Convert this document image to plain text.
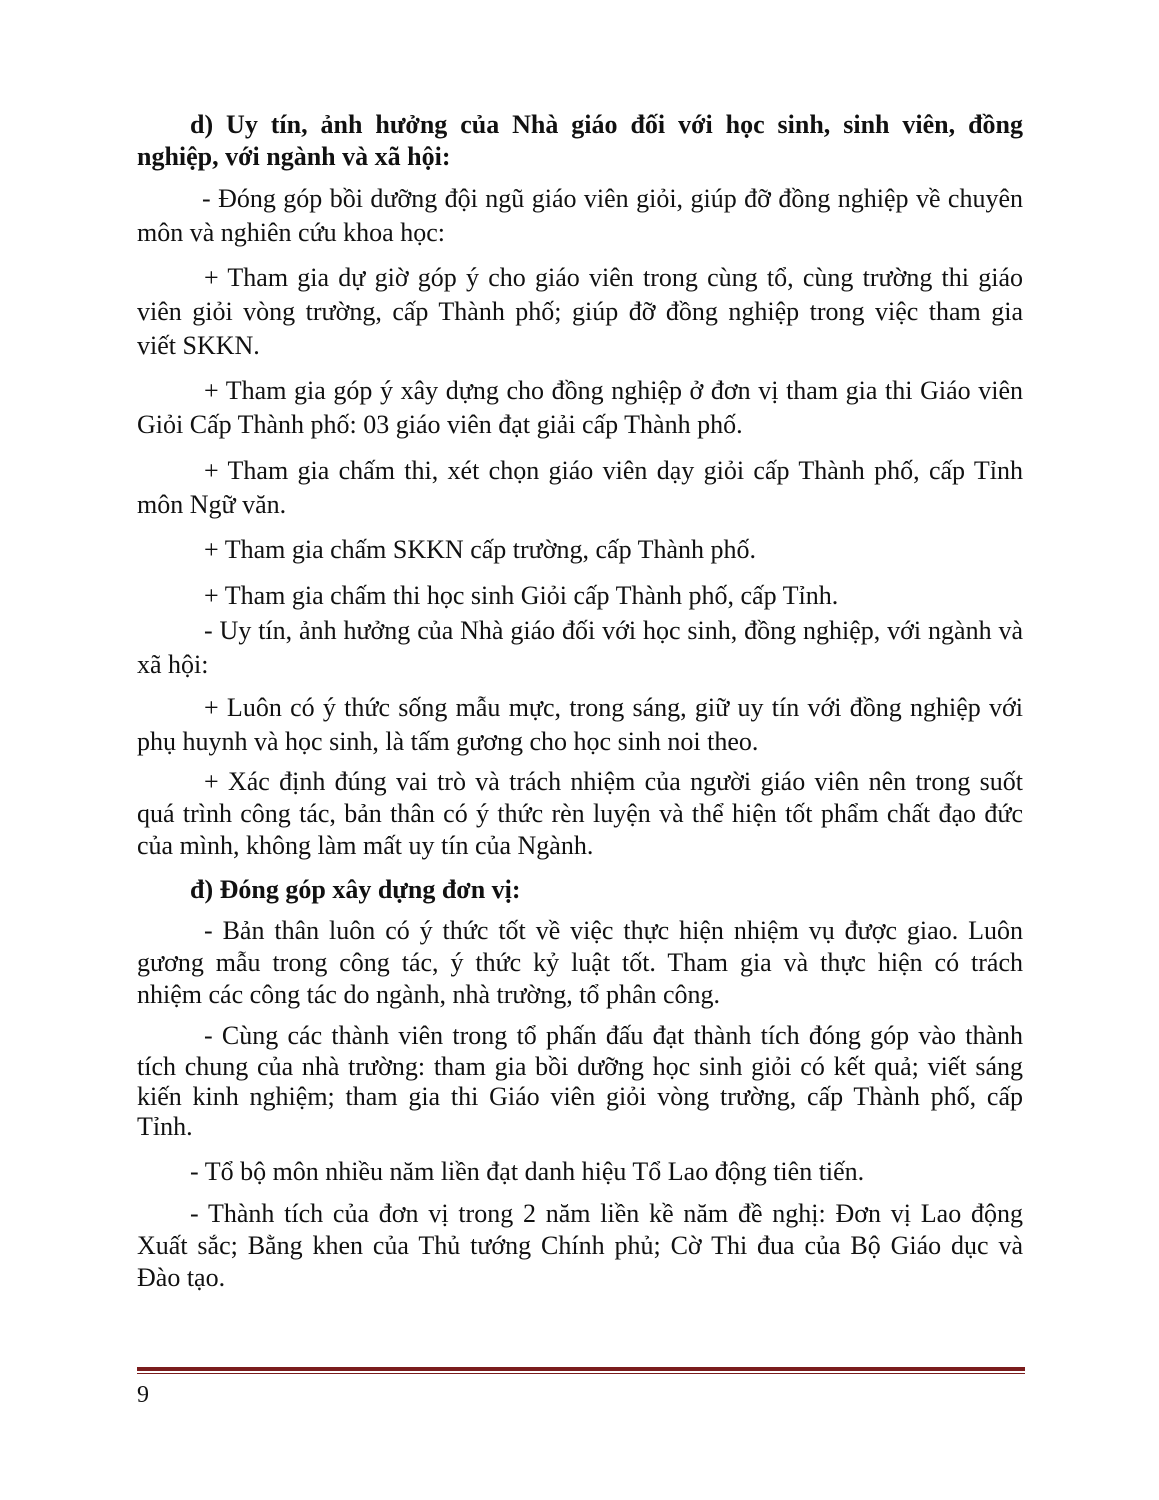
d) Uy tín, ảnh hưởng của Nhà giáo đối với học sinh, sinh viên, đồng
nghiệp, với ngành và xã hội:
- Đóng góp bồi dưỡng đội ngũ giáo viên giỏi, giúp đỡ đồng nghiệp về chuyên
môn và nghiên cứu khoa học:
+ Tham gia dự giờ góp ý cho giáo viên trong cùng tổ, cùng trường thi giáo
viên giỏi vòng trường, cấp Thành phố; giúp đỡ đồng nghiệp trong việc tham gia
viết SKKN.
+ Tham gia góp ý xây dựng cho đồng nghiệp ở đơn vị tham gia thi Giáo viên
Giỏi Cấp Thành phố: 03 giáo viên đạt giải cấp Thành phố.
+ Tham gia chấm thi, xét chọn giáo viên dạy giỏi cấp Thành phố, cấp Tỉnh
môn Ngữ văn.
+ Tham gia chấm SKKN cấp trường, cấp Thành phố.
+ Tham gia chấm thi học sinh Giỏi cấp Thành phố, cấp Tỉnh.
- Uy tín, ảnh hưởng của Nhà giáo đối với học sinh, đồng nghiệp, với ngành và
xã hội:
+ Luôn có ý thức sống mẫu mực, trong sáng, giữ uy tín với đồng nghiệp với
phụ huynh và học sinh, là tấm gương cho học sinh noi theo.
+ Xác định đúng vai trò và trách nhiệm của người giáo viên nên trong suốt
quá trình công tác, bản thân có ý thức rèn luyện và thể hiện tốt phẩm chất đạo đức
của mình, không làm mất uy tín của Ngành.
đ) Đóng góp xây dựng đơn vị:
- Bản thân luôn có ý thức tốt về việc thực hiện nhiệm vụ được giao. Luôn
gương mẫu trong công tác, ý thức kỷ luật tốt. Tham gia và thực hiện có trách
nhiệm các công tác do ngành, nhà trường, tổ phân công.
- Cùng các thành viên trong tổ phấn đấu đạt thành tích đóng góp vào thành
tích chung của nhà trường: tham gia bồi dưỡng học sinh giỏi có kết quả; viết sáng
kiến kinh nghiệm; tham gia thi Giáo viên giỏi vòng trường, cấp Thành phố, cấp
Tỉnh.
- Tổ bộ môn nhiều năm liền đạt danh hiệu Tổ Lao động tiên tiến.
- Thành tích của đơn vị trong 2 năm liền kề năm đề nghị: Đơn vị Lao động
Xuất sắc; Bằng khen của Thủ tướng Chính phủ; Cờ Thi đua của Bộ Giáo dục và
Đào tạo.
9
